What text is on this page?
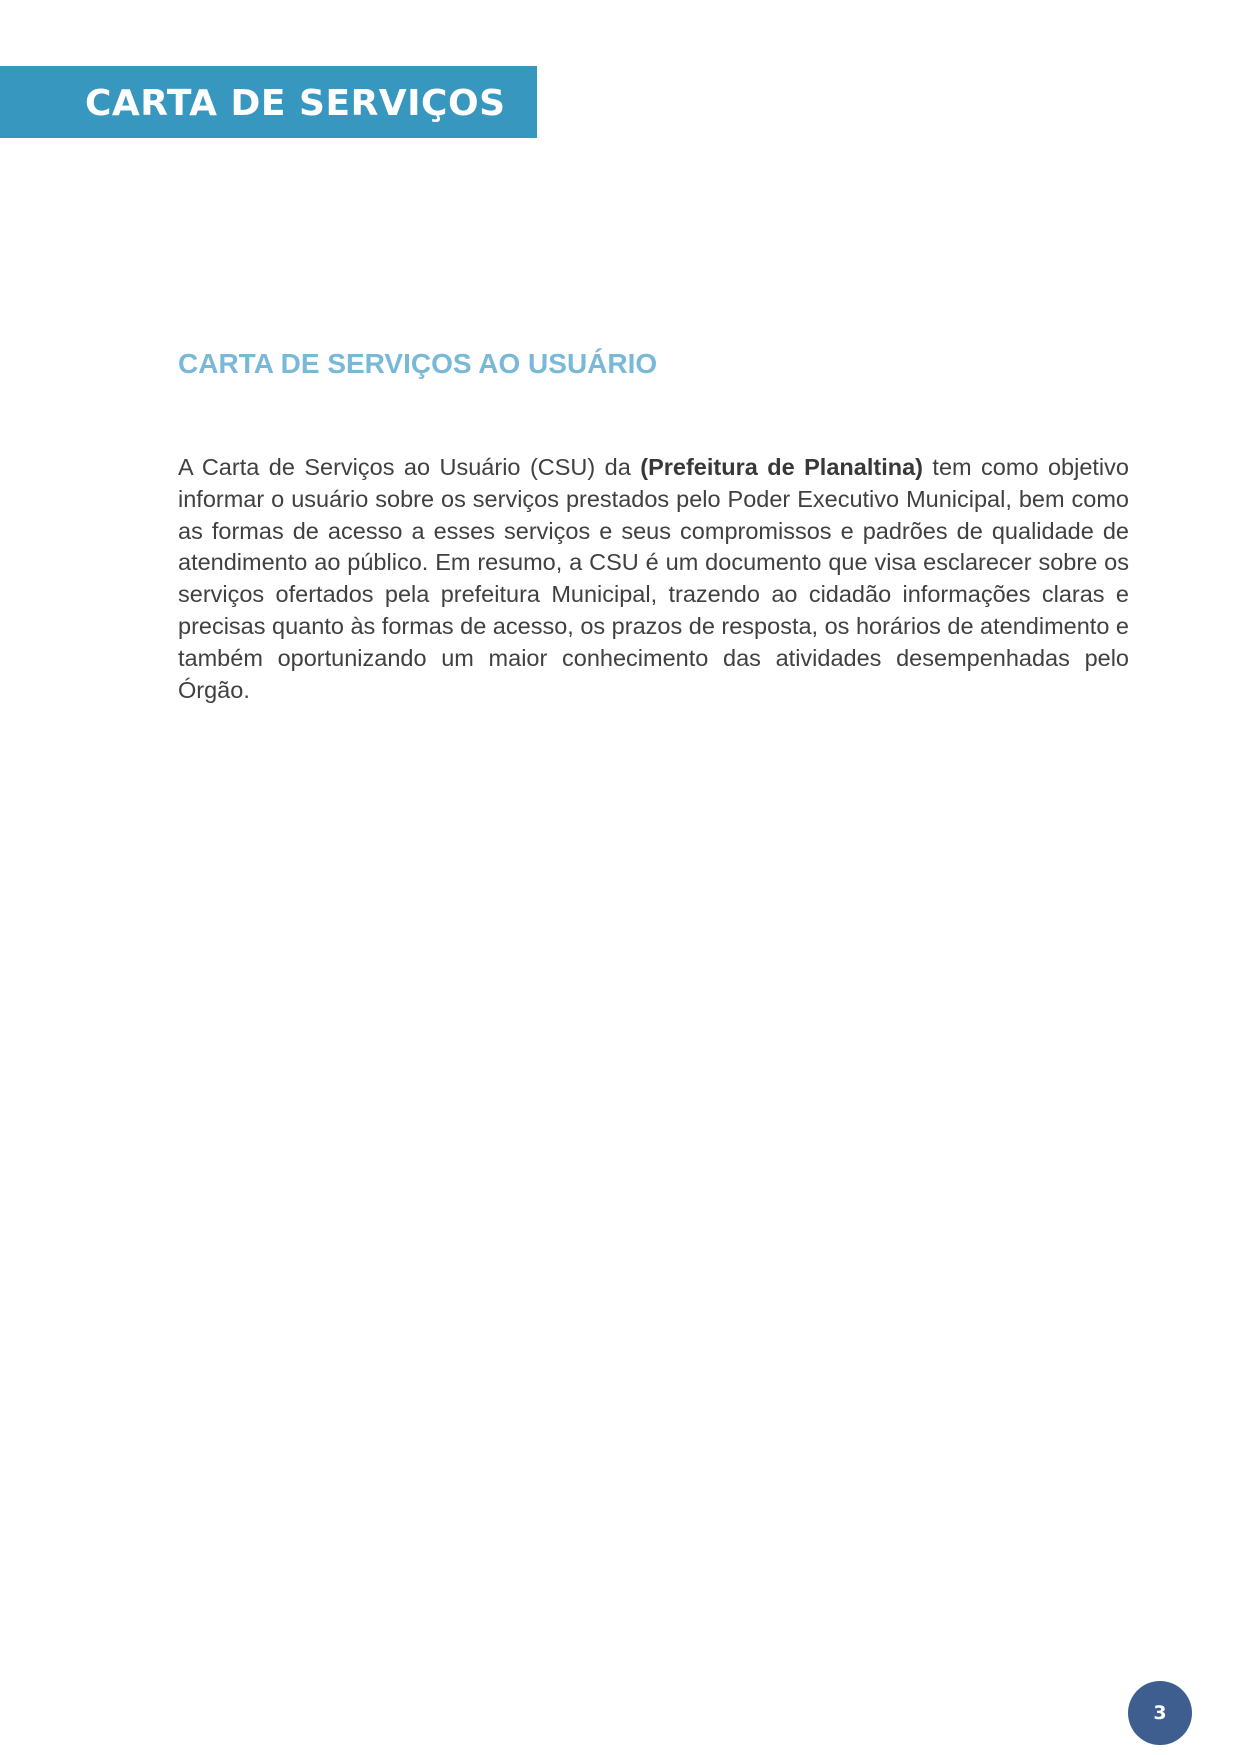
CARTA DE SERVIÇOS
CARTA DE SERVIÇOS AO USUÁRIO

A Carta de Serviços ao Usuário (CSU) da (Prefeitura de Planaltina) tem como objetivo informar o usuário sobre os serviços prestados pelo Poder Executivo Municipal, bem como as formas de acesso a esses serviços e seus compromissos e padrões de qualidade de atendimento ao público. Em resumo, a CSU é um documento que visa esclarecer sobre os serviços ofertados pela prefeitura Municipal, trazendo ao cidadão informações claras e precisas quanto às formas de acesso, os prazos de resposta, os horários de atendimento e também oportunizando um maior conhecimento das atividades desempenhadas pelo Órgão.

3
